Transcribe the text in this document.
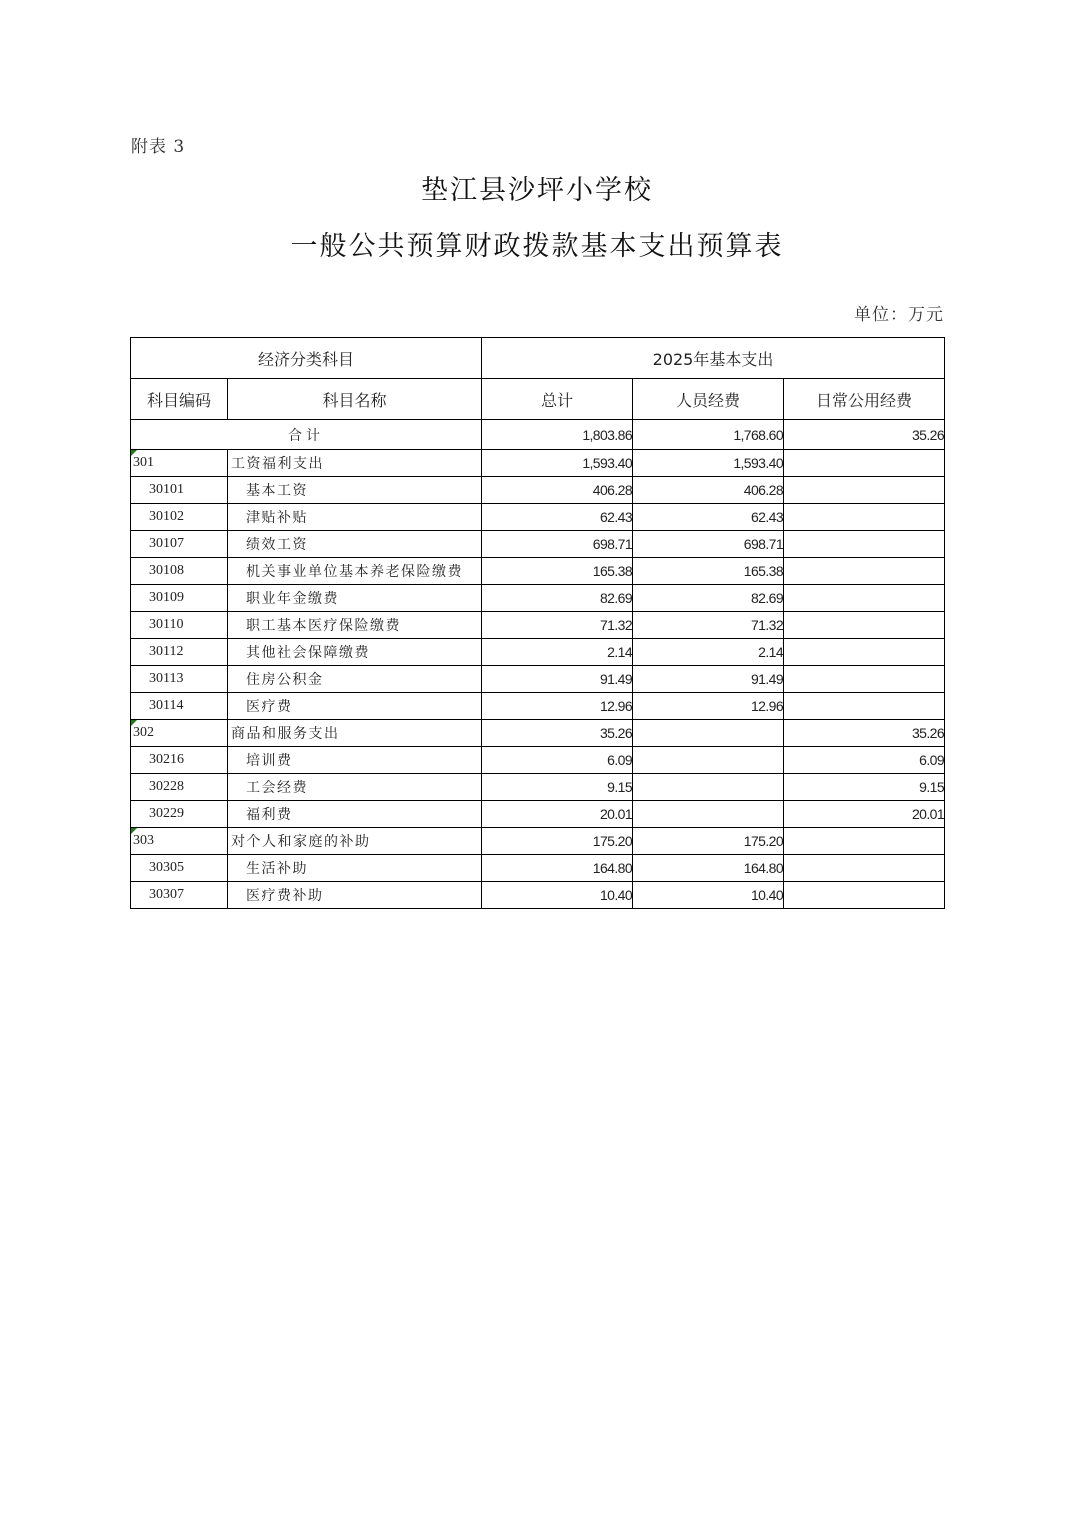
附表 3
垫江县沙坪小学校
一般公共预算财政拨款基本支出预算表
单位：万元
经济分类科目		2025年基本支出		
科目编码	科目名称	总计	人员经费	日常公用经费
合计		1,803.86	1,768.60	35.26

301	工资福利支出	1,593.40	1,593.40	
30101	基本工资	406.28	406.28	
30102	津贴补贴	62.43	62.43	
30107	绩效工资	698.71	698.71	
30108	机关事业单位基本养老保险缴费	165.38	165.38	
30109	职业年金缴费	82.69	82.69	
30110	职工基本医疗保险缴费	71.32	71.32	
30112	其他社会保障缴费	2.14	2.14	
30113	住房公积金	91.49	91.49	
30114	医疗费	12.96	12.96	

302	商品和服务支出	35.26		35.26
30216	培训费	6.09		6.09
30228	工会经费	9.15		9.15
30229	福利费	20.01		20.01

303	对个人和家庭的补助	175.20	175.20	
30305	生活补助	164.80	164.80	
30307	医疗费补助	10.40	10.40	
